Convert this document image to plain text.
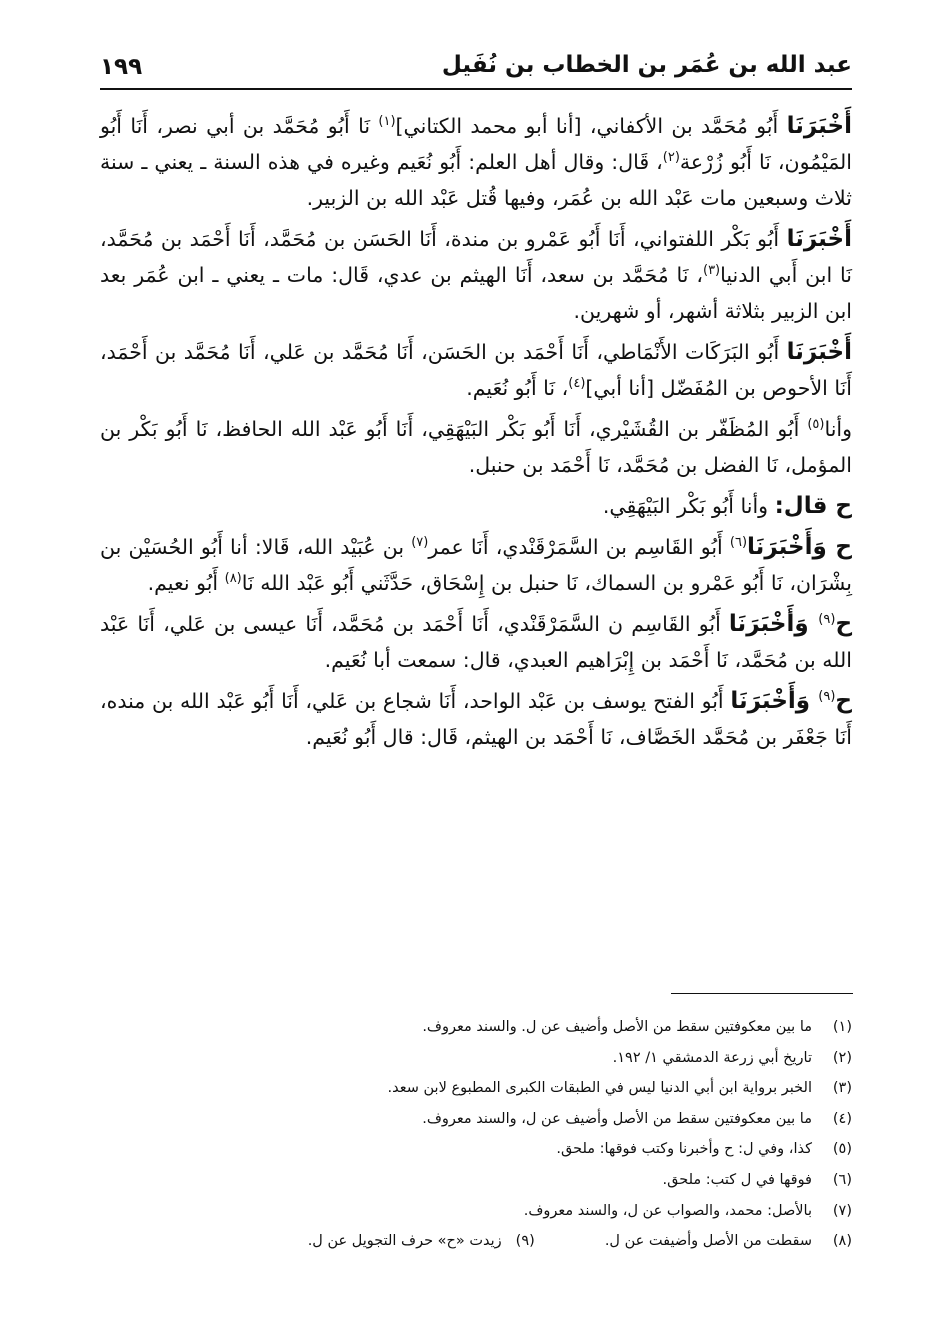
١٩٩	عبد الله بن عُمَر بن الخطاب بن نُفَيل

أَخْبَرَنَا أَبُو مُحَمَّد بن الأكفاني، [أنا أبو محمد الكتاني]$^{(١)}$ نَا أَبُو مُحَمَّد بن أبي نصر، أَنَا أَبُو المَيْمُون، نَا أَبُو زُرْعة$^{(٢)}$، قَال: وقال أهل العلم: أَبُو نُعَيم وغيره في هذه السنة ـ يعني ـ سنة ثلاث وسبعين مات عَبْد الله بن عُمَر، وفيها قُتل عَبْد الله بن الزبير.

أَخْبَرَنَا أَبُو بَكْر اللفتواني، أَنَا أَبُو عَمْرو بن مندة، أَنَا الحَسَن بن مُحَمَّد، أَنَا أَحْمَد بن مُحَمَّد، نَا ابن أَبي الدنيا$^{(٣)}$، نَا مُحَمَّد بن سعد، أَنَا الهيثم بن عدي، قَال: مات ـ يعني ـ ابن عُمَر بعد ابن الزبير بثلاثة أشهر، أو شهرين.

أَخْبَرَنَا أَبُو البَرَكَات الأَنْمَاطي، أَنَا أَحْمَد بن الحَسَن، أَنَا مُحَمَّد بن عَلي، أَنَا مُحَمَّد بن أَحْمَد، أَنَا الأحوص بن المُفَضّل [أنا أبي]$^{(٤)}$، نَا أَبُو نُعَيم.

وأنا$^{(٥)}$ أَبُو المُظَفّر بن القُشَيْري، أَنَا أَبُو بَكْر البَيْهَقِي، أَنَا أَبُو عَبْد الله الحافظ، نَا أَبُو بَكْر بن المؤمل، نَا الفضل بن مُحَمَّد، نَا أَحْمَد بن حنبل.

ح قال: وأنا أَبُو بَكْر البَيْهَقِي.

ح وَأَخْبَرَنَا$^{(٦)}$ أَبُو القَاسِم بن السَّمَرْقَنْدي، أَنَا عمر$^{(٧)}$ بن عُبَيْد الله، قَالا: أنا أَبُو الحُسَيْن بن بِشْرَان، نَا أَبُو عَمْرو بن السماك، نَا حنبل بن إِسْحَاق، حَدَّثَني أَبُو عَبْد الله نَا$^{(٨)}$ أَبُو نعيم.

ح$^{(٩)}$ وَأَخْبَرَنَا أَبُو القَاسِم ن السَّمَرْقَنْدي، أَنَا أَحْمَد بن مُحَمَّد، أَنَا عيسى بن عَلي، أَنَا عَبْد الله بن مُحَمَّد، نَا أَحْمَد بن إِبْرَاهيم العبدي، قال: سمعت أبا نُعَيم.

ح$^{(٩)}$ وَأَخْبَرَنَا أَبُو الفتح يوسف بن عَبْد الواحد، أَنَا شجاع بن عَلي، أَنَا أَبُو عَبْد الله بن منده، أَنَا جَعْفَر بن مُحَمَّد الخَصَّاف، نَا أَحْمَد بن الهيثم، قَال: قال أَبُو نُعَيم.

(١)ما بين معكوفتين سقط من الأصل وأضيف عن ل. والسند معروف.
(٢)تاريخ أبي زرعة الدمشقي ١/ ١٩٢.
(٣)الخبر برواية ابن أبي الدنيا ليس في الطبقات الكبرى المطبوع لابن سعد.
(٤)ما بين معكوفتين سقط من الأصل وأضيف عن ل، والسند معروف.
(٥)كذا، وفي ل: ح وأخبرنا وكتب فوقها: ملحق.
(٦)فوقها في ل كتب: ملحق.
(٧)بالأصل: محمد، والصواب عن ل، والسند معروف.
(٨)سقطت من الأصل وأضيفت عن ل.(٩)زيدت «ح» حرف التجويل عن ل.
